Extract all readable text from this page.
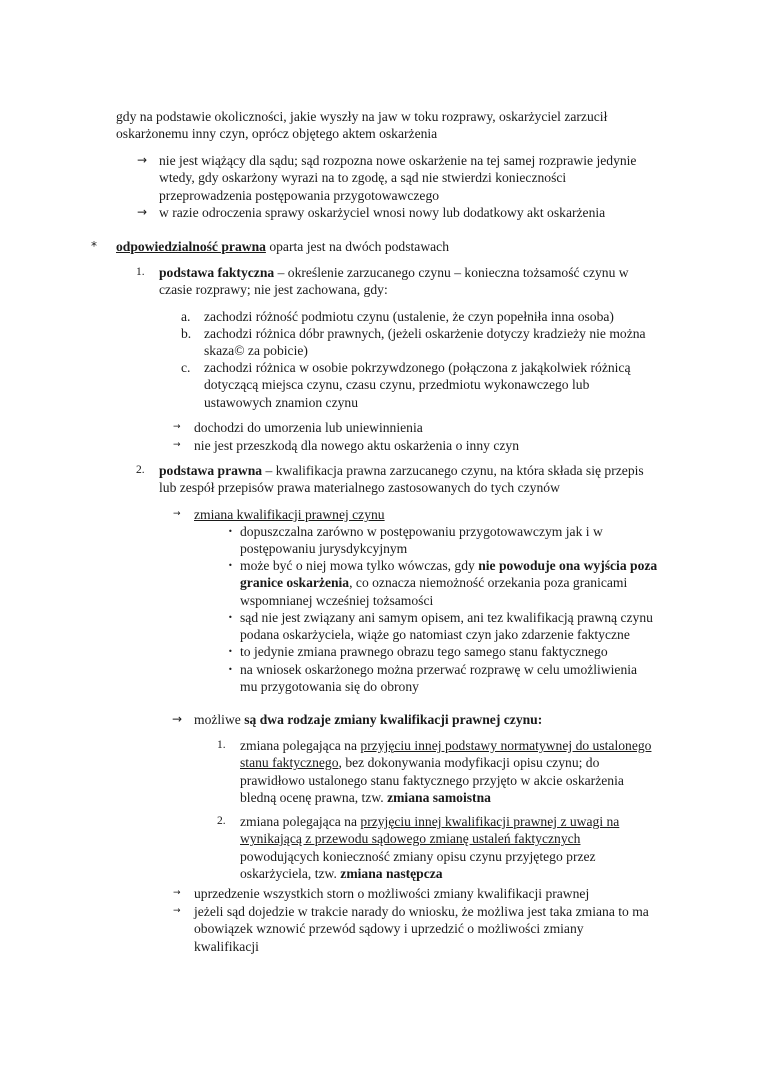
gdy na podstawie okoliczności, jakie wyszły na jaw w toku rozprawy, oskarżyciel zarzucił
oskarżonemu inny czyn, oprócz objętego aktem oskarżenia

→ nie jest wiążący dla sądu; sąd rozpozna nowe oskarżenie na tej samej rozprawie jedynie
wtedy, gdy oskarżony wyrazi na to zgodę, a sąd nie stwierdzi konieczności
przeprowadzenia postępowania przygotowawczego

→ w razie odroczenia sprawy oskarżyciel wnosi nowy lub dodatkowy akt oskarżenia

* odpowiedzialność prawna oparta jest na dwóch podstawach

1. podstawa faktyczna – określenie zarzucanego czynu – konieczna tożsamość czynu w
czasie rozprawy; nie jest zachowana, gdy:

a. zachodzi różność podmiotu czynu (ustalenie, że czyn popełniła inna osoba)

b. zachodzi różnica dóbr prawnych, (jeżeli oskarżenie dotyczy kradzieży nie można
skaza© za pobicie)

c. zachodzi różnica w osobie pokrzywdzonego (połączona z jakąkolwiek różnicą
dotyczącą miejsca czynu, czasu czynu, przedmiotu wykonawczego lub
ustawowych znamion czynu

→ dochodzi do umorzenia lub uniewinnienia

→ nie jest przeszkodą dla nowego aktu oskarżenia o inny czyn

2. podstawa prawna – kwalifikacja prawna zarzucanego czynu, na która składa się przepis
lub zespół przepisów prawa materialnego zastosowanych do tych czynów

→ zmiana kwalifikacji prawnej czynu

• dopuszczalna zarówno w postępowaniu przygotowawczym jak i w
postępowaniu jurysdykcyjnym

• może być o niej mowa tylko wówczas, gdy nie powoduje ona wyjścia poza
granice oskarżenia, co oznacza niemożność orzekania poza granicami
wspomnianej wcześniej tożsamości

• sąd nie jest związany ani samym opisem, ani tez kwalifikacją prawną czynu
podana oskarżyciela, wiąże go natomiast czyn jako zdarzenie faktyczne

• to jedynie zmiana prawnego obrazu tego samego stanu faktycznego

• na wniosek oskarżonego można przerwać rozprawę w celu umożliwienia
mu przygotowania się do obrony

→ możliwe są dwa rodzaje zmiany kwalifikacji prawnej czynu:

1. zmiana polegająca na przyjęciu innej podstawy normatywnej do ustalonego
stanu faktycznego, bez dokonywania modyfikacji opisu czynu; do
prawidłowo ustalonego stanu faktycznego przyjęto w akcie oskarżenia
bledną ocenę prawna, tzw. zmiana samoistna

2. zmiana polegająca na przyjęciu innej kwalifikacji prawnej z uwagi na
wynikającą z przewodu sądowego zmianę ustaleń faktycznych
powodujących konieczność zmiany opisu czynu przyjętego przez
oskarżyciela, tzw. zmiana następcza

→ uprzedzenie wszystkich storn o możliwości zmiany kwalifikacji prawnej

→ jeżeli sąd dojedzie w trakcie narady do wniosku, że możliwa jest taka zmiana to ma
obowiązek wznowić przewód sądowy i uprzedzić o możliwości zmiany
kwalifikacji
